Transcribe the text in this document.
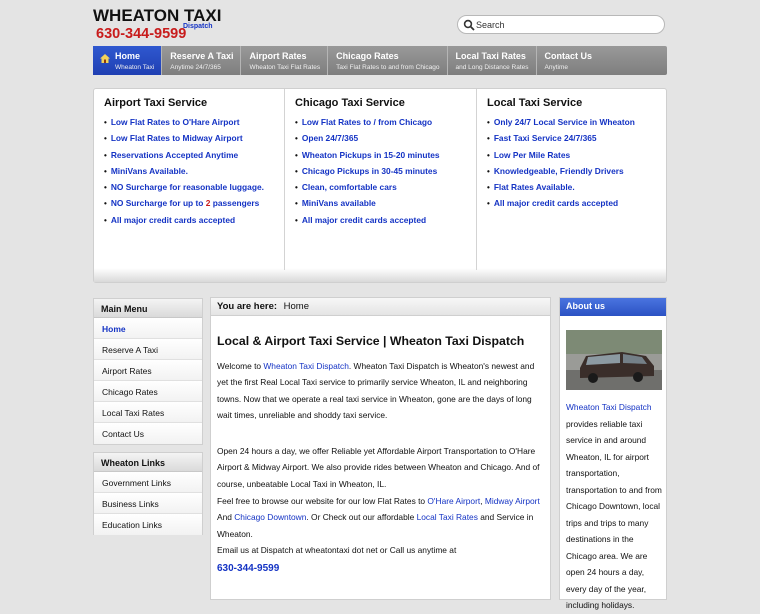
WHEATON TAXI
630-344-9599
Dispatch
Search
Home
Wheaton Taxi
Reserve A Taxi
Anytime 24/7/365
Airport Rates
Wheaton Taxi Flat Rates
Chicago Rates
Taxi Flat Rates to and from Chicago
Local Taxi Rates
and Long Distance Rates
Contact Us
Anytime
Airport Taxi Service
• Low Flat Rates to O'Hare Airport
• Low Flat Rates to Midway Airport
• Reservations Accepted Anytime
• MiniVans Available.
• NO Surcharge for reasonable luggage.
• NO Surcharge for up to 2 passengers
• All major credit cards accepted
Chicago Taxi Service
• Low Flat Rates to / from Chicago
• Open 24/7/365
• Wheaton Pickups in 15-20 minutes
• Chicago Pickups in 30-45 minutes
• Clean, comfortable cars
• MiniVans available
• All major credit cards accepted
Local Taxi Service
• Only 24/7 Local Service in Wheaton
• Fast Taxi Service 24/7/365
• Low Per Mile Rates
• Knowledgeable, Friendly Drivers
• Flat Rates Available.
• All major credit cards accepted
Main Menu
Home
Reserve A Taxi
Airport Rates
Chicago Rates
Local Taxi Rates
Contact Us
Wheaton Links
Government Links
Business Links
Education Links
You are here: Home
Local & Airport Taxi Service | Wheaton Taxi Dispatch
Welcome to Wheaton Taxi Dispatch. Wheaton Taxi Dispatch is Wheaton's newest and yet the first Real Local Taxi service to primarily service Wheaton, IL and neighboring towns. Now that we operate a real taxi service in Wheaton, gone are the days of long wait times, unreliable and shoddy taxi service.
Open 24 hours a day, we offer Reliable yet Affordable Airport Transportation to O'Hare Airport & Midway Airport. We also provide rides between Wheaton and Chicago. And of course, unbeatable Local Taxi in Wheaton, IL.
Feel free to browse our website for our low Flat Rates to O'Hare Airport, Midway Airport And Chicago Downtown. Or Check out our affordable Local Taxi Rates and Service in Wheaton.
Email us at Dispatch at wheatontaxi dot net or Call us anytime at
630-344-9599
About us
Wheaton Taxi Dispatch provides reliable taxi service in and around Wheaton, IL for airport transportation, transportation to and from Chicago Downtown, local trips and trips to many destinations in the Chicago area. We are open 24 hours a day, every day of the year, including holidays.
